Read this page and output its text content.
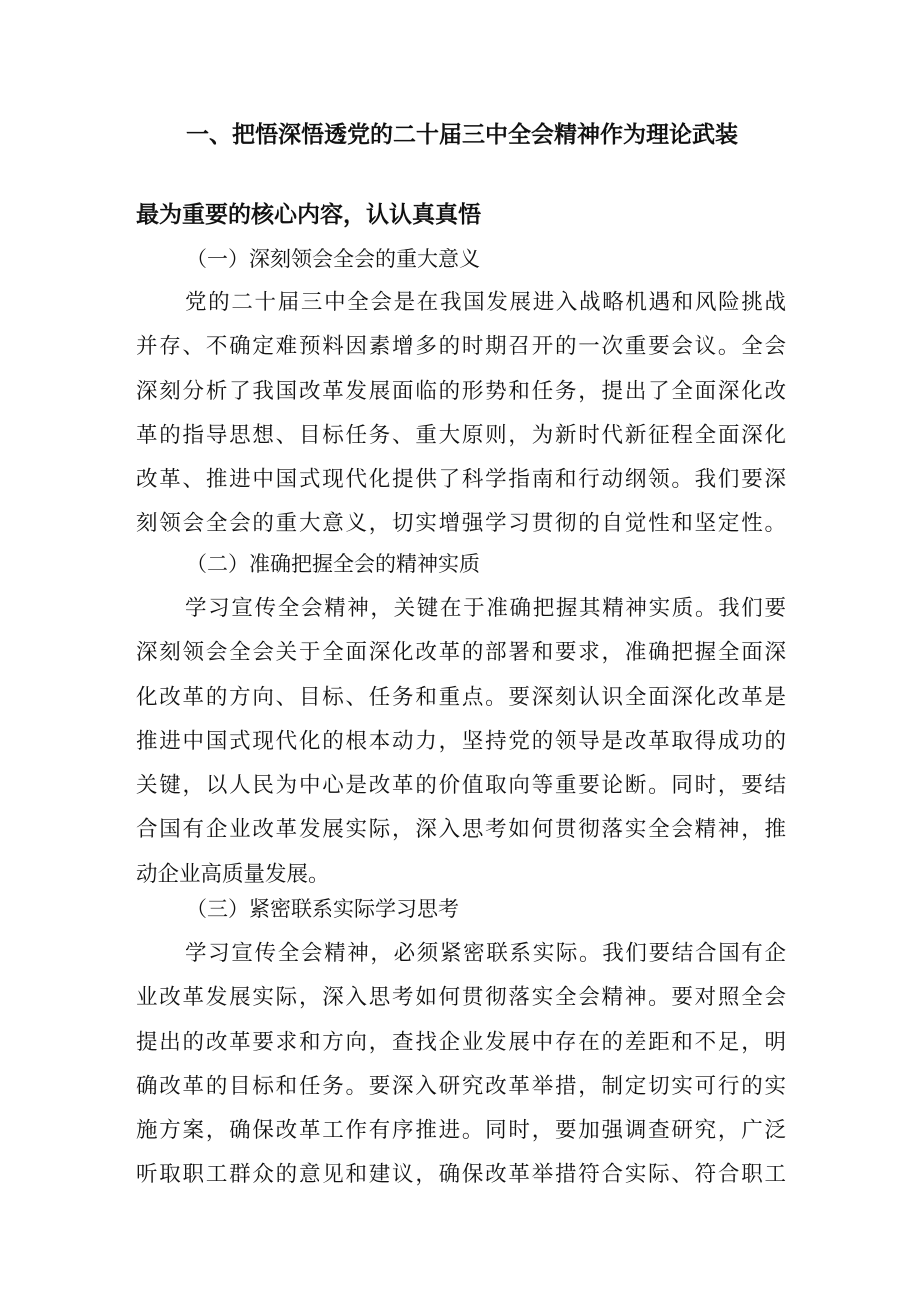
一、把悟深悟透党的二十届三中全会精神作为理论武装
最为重要的核心内容，认认真真悟

（一）深刻领会全会的重大意义

党的二十届三中全会是在我国发展进入战略机遇和风险挑战
并存、不确定难预料因素增多的时期召开的一次重要会议。全会
深刻分析了我国改革发展面临的形势和任务，提出了全面深化改
革的指导思想、目标任务、重大原则，为新时代新征程全面深化
改革、推进中国式现代化提供了科学指南和行动纲领。我们要深
刻领会全会的重大意义，切实增强学习贯彻的自觉性和坚定性。

（二）准确把握全会的精神实质

学习宣传全会精神，关键在于准确把握其精神实质。我们要
深刻领会全会关于全面深化改革的部署和要求，准确把握全面深
化改革的方向、目标、任务和重点。要深刻认识全面深化改革是
推进中国式现代化的根本动力，坚持党的领导是改革取得成功的
关键，以人民为中心是改革的价值取向等重要论断。同时，要结
合国有企业改革发展实际，深入思考如何贯彻落实全会精神，推
动企业高质量发展。

（三）紧密联系实际学习思考

学习宣传全会精神，必须紧密联系实际。我们要结合国有企
业改革发展实际，深入思考如何贯彻落实全会精神。要对照全会
提出的改革要求和方向，查找企业发展中存在的差距和不足，明
确改革的目标和任务。要深入研究改革举措，制定切实可行的实
施方案，确保改革工作有序推进。同时，要加强调查研究，广泛
听取职工群众的意见和建议，确保改革举措符合实际、符合职工
